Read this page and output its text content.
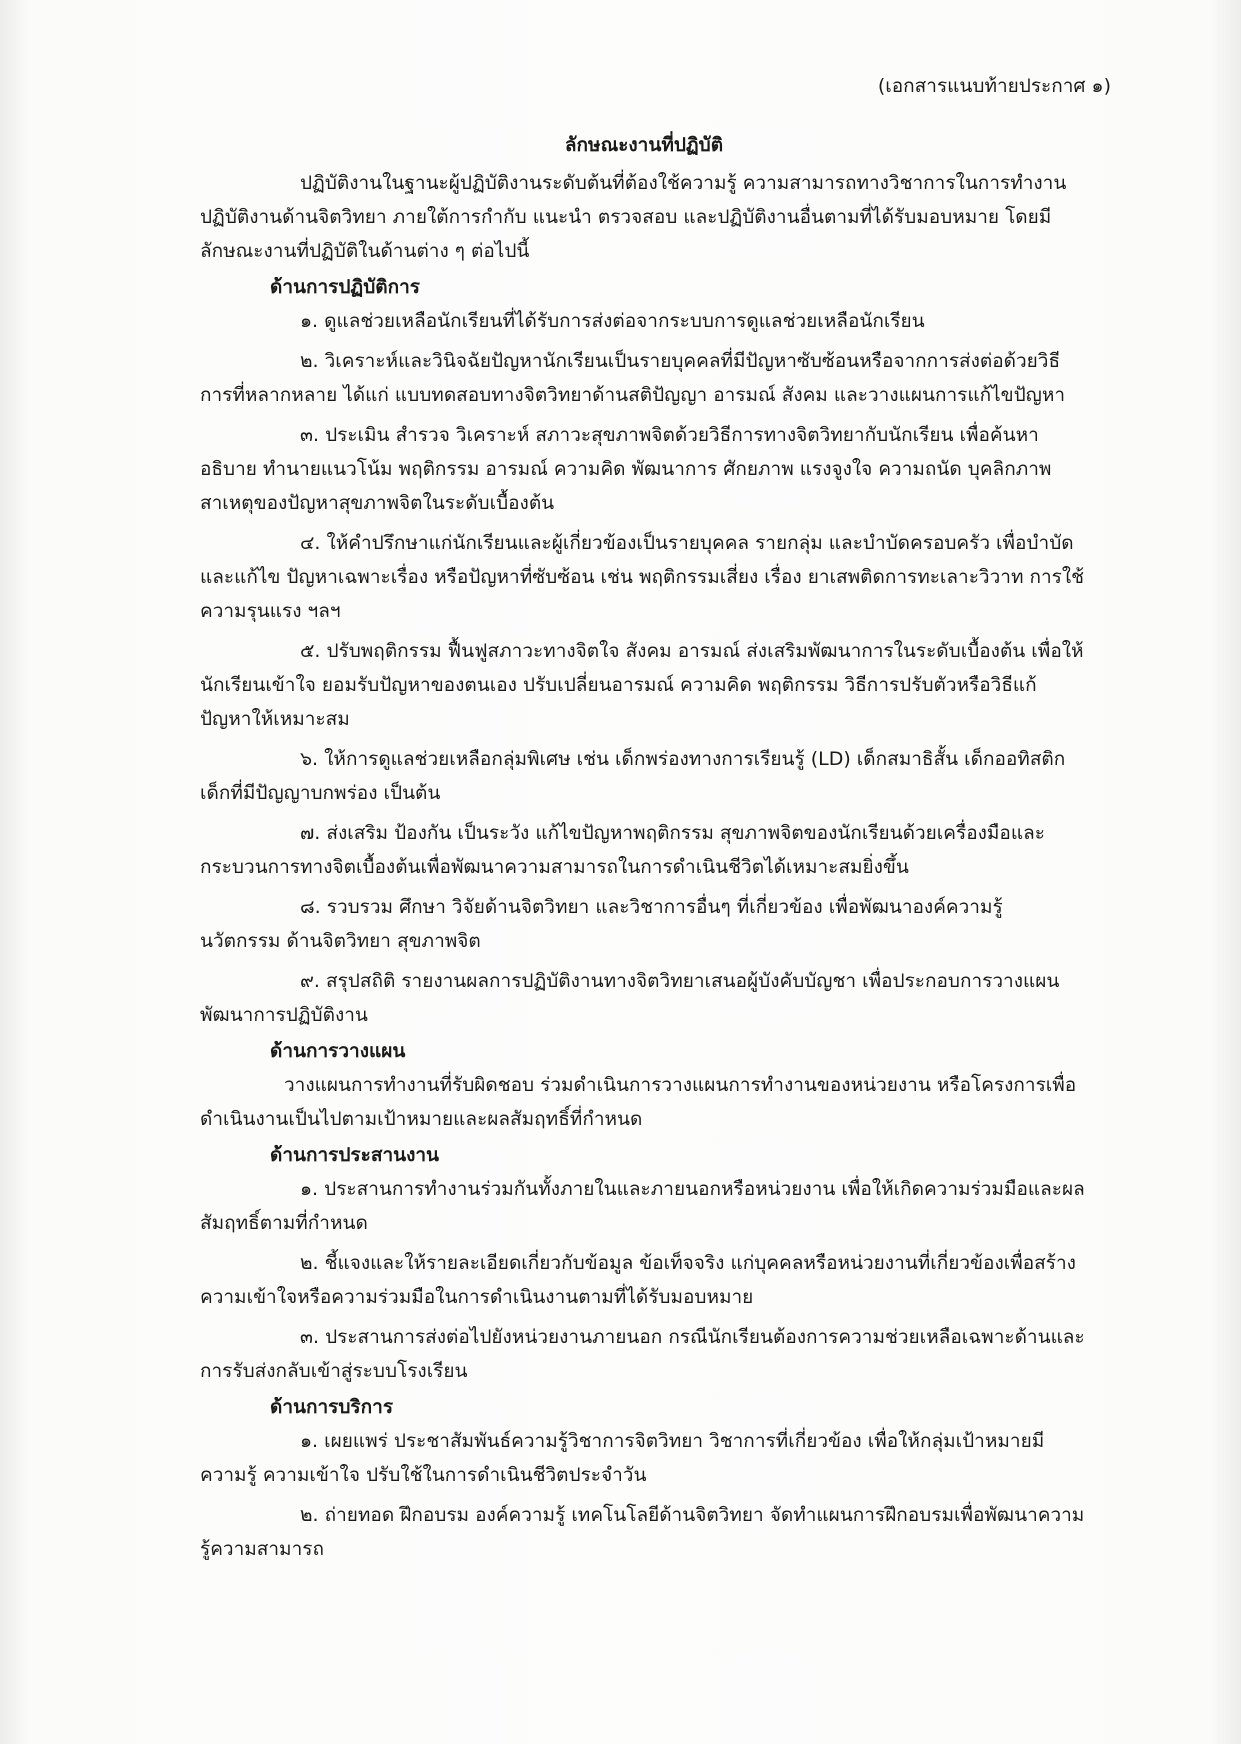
(เอกสารแนบท้ายประกาศ ๑)

ลักษณะงานที่ปฏิบัติ

ปฏิบัติงานในฐานะผู้ปฏิบัติงานระดับต้นที่ต้องใช้ความรู้ ความสามารถทางวิชาการในการทำงาน ปฏิบัติงานด้านจิตวิทยา ภายใต้การกำกับ แนะนำ ตรวจสอบ และปฏิบัติงานอื่นตามที่ได้รับมอบหมาย โดยมีลักษณะงานที่ปฏิบัติในด้านต่าง ๆ ต่อไปนี้

ด้านการปฏิบัติการ

๑. ดูแลช่วยเหลือนักเรียนที่ได้รับการส่งต่อจากระบบการดูแลช่วยเหลือนักเรียน

๒. วิเคราะห์และวินิจฉัยปัญหานักเรียนเป็นรายบุคคลที่มีปัญหาซับซ้อนหรือจากการส่งต่อด้วยวิธีการที่หลากหลาย ได้แก่ แบบทดสอบทางจิตวิทยาด้านสติปัญญา อารมณ์ สังคม และวางแผนการแก้ไขปัญหา

๓. ประเมิน สำรวจ วิเคราะห์ สภาวะสุขภาพจิตด้วยวิธีการทางจิตวิทยากับนักเรียน เพื่อค้นหา อธิบาย ทำนายแนวโน้ม พฤติกรรม อารมณ์ ความคิด พัฒนาการ ศักยภาพ แรงจูงใจ ความถนัด บุคลิกภาพ สาเหตุของปัญหาสุขภาพจิตในระดับเบื้องต้น

๔. ให้คำปรึกษาแก่นักเรียนและผู้เกี่ยวข้องเป็นรายบุคคล รายกลุ่ม และบำบัดครอบครัว เพื่อบำบัด และแก้ไข ปัญหาเฉพาะเรื่อง หรือปัญหาที่ซับซ้อน เช่น พฤติกรรมเสี่ยง เรื่อง ยาเสพติดการทะเลาะวิวาท การใช้ความรุนแรง ฯลฯ

๕. ปรับพฤติกรรม ฟื้นฟูสภาวะทางจิตใจ สังคม อารมณ์ ส่งเสริมพัฒนาการในระดับเบื้องต้น เพื่อให้นักเรียนเข้าใจ ยอมรับปัญหาของตนเอง ปรับเปลี่ยนอารมณ์ ความคิด พฤติกรรม วิธีการปรับตัวหรือวิธีแก้ปัญหาให้เหมาะสม

๖. ให้การดูแลช่วยเหลือกลุ่มพิเศษ เช่น เด็กพร่องทางการเรียนรู้ (LD) เด็กสมาธิสั้น เด็กออทิสติก เด็กที่มีปัญญาบกพร่อง เป็นต้น

๗. ส่งเสริม ป้องกัน เป็นระวัง แก้ไขปัญหาพฤติกรรม สุขภาพจิตของนักเรียนด้วยเครื่องมือและกระบวนการทางจิตเบื้องต้นเพื่อพัฒนาความสามารถในการดำเนินชีวิตได้เหมาะสมยิ่งขึ้น

๘. รวบรวม ศึกษา วิจัยด้านจิตวิทยา และวิชาการอื่นๆ ที่เกี่ยวข้อง เพื่อพัฒนาองค์ความรู้ นวัตกรรม ด้านจิตวิทยา สุขภาพจิต

๙. สรุปสถิติ รายงานผลการปฏิบัติงานทางจิตวิทยาเสนอผู้บังคับบัญชา เพื่อประกอบการวางแผน พัฒนาการปฏิบัติงาน

ด้านการวางแผน

วางแผนการทำงานที่รับผิดชอบ ร่วมดำเนินการวางแผนการทำงานของหน่วยงาน หรือโครงการเพื่อดำเนินงานเป็นไปตามเป้าหมายและผลสัมฤทธิ์ที่กำหนด

ด้านการประสานงาน

๑. ประสานการทำงานร่วมกันทั้งภายในและภายนอกหรือหน่วยงาน เพื่อให้เกิดความร่วมมือและผลสัมฤทธิ์ตามที่กำหนด

๒. ชี้แจงและให้รายละเอียดเกี่ยวกับข้อมูล ข้อเท็จจริง แก่บุคคลหรือหน่วยงานที่เกี่ยวข้องเพื่อสร้างความเข้าใจหรือความร่วมมือในการดำเนินงานตามที่ได้รับมอบหมาย

๓. ประสานการส่งต่อไปยังหน่วยงานภายนอก กรณีนักเรียนต้องการความช่วยเหลือเฉพาะด้านและการรับส่งกลับเข้าสู่ระบบโรงเรียน

ด้านการบริการ

๑. เผยแพร่ ประชาสัมพันธ์ความรู้วิชาการจิตวิทยา วิชาการที่เกี่ยวข้อง เพื่อให้กลุ่มเป้าหมายมีความรู้ ความเข้าใจ ปรับใช้ในการดำเนินชีวิตประจำวัน

๒. ถ่ายทอด ฝึกอบรม องค์ความรู้ เทคโนโลยีด้านจิตวิทยา จัดทำแผนการฝึกอบรมเพื่อพัฒนาความรู้ความสามารถ
